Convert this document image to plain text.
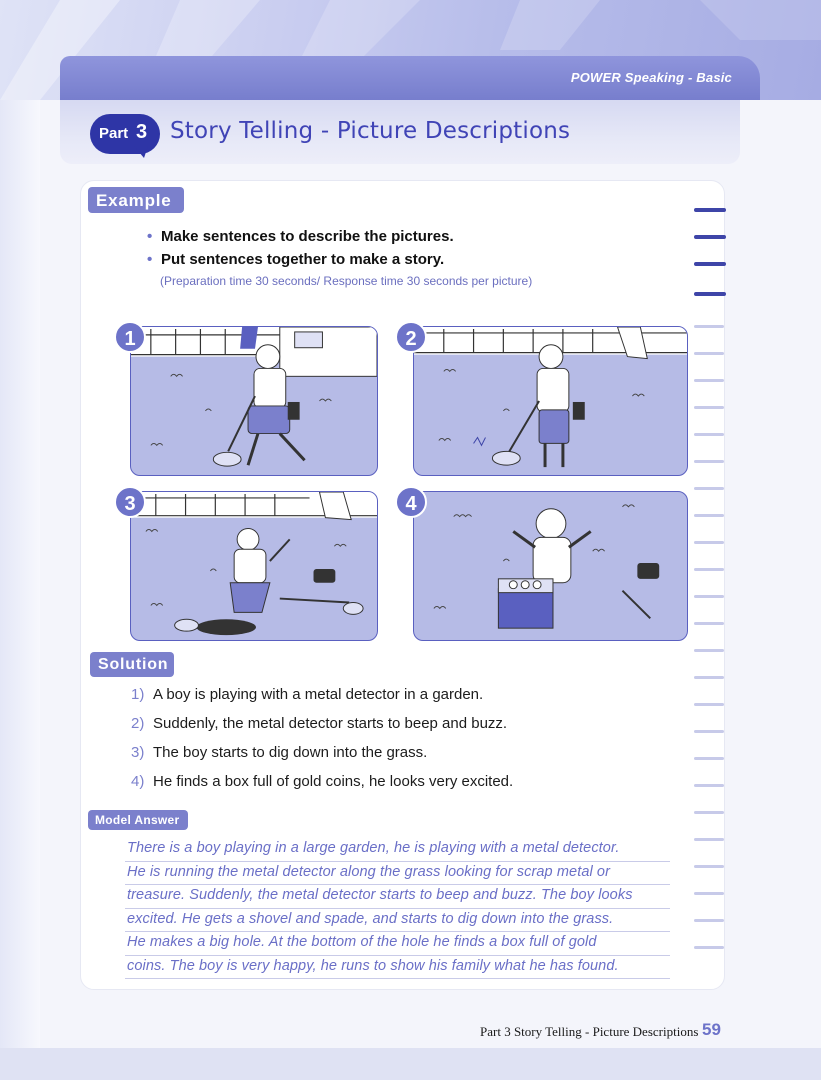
POWER Speaking - Basic
Part 3 Story Telling - Picture Descriptions
Example
• Make sentences to describe the pictures.
• Put sentences together to make a story.
(Preparation time 30 seconds/ Response time 30 seconds per picture)
1	2
3	4
Solution
1) A boy is playing with a metal detector in a garden.
2) Suddenly, the metal detector starts to beep and buzz.
3) The boy starts to dig down into the grass.
4) He finds a box full of gold coins, he looks very excited.
Model Answer
There is a boy playing in a large garden, he is playing with a metal detector.
He is running the metal detector along the grass looking for scrap metal or
treasure. Suddenly, the metal detector starts to beep and buzz. The boy looks
excited. He gets a shovel and spade, and starts to dig down into the grass.
He makes a big hole. At the bottom of the hole he finds a box full of gold
coins. The boy is very happy, he runs to show his family what he has found.
Part 3 Story Telling - Picture Descriptions 59
